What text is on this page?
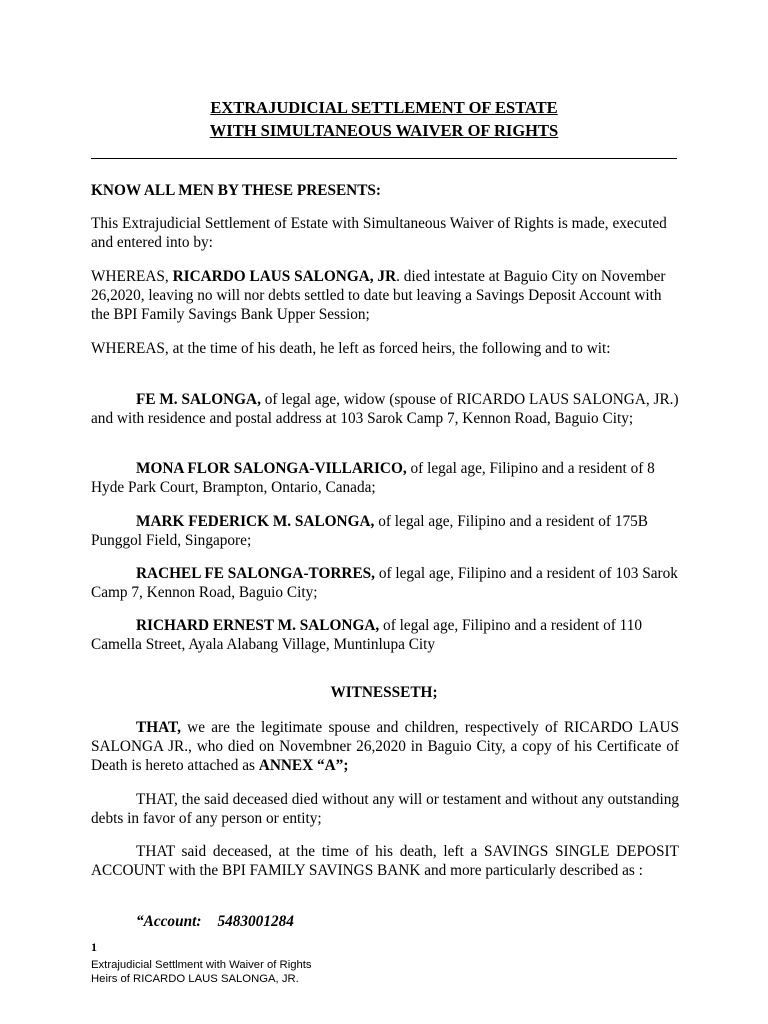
EXTRAJUDICIAL SETTLEMENT OF ESTATE
WITH SIMULTANEOUS WAIVER OF RIGHTS

KNOW ALL MEN BY THESE PRESENTS:

This Extrajudicial Settlement of Estate with Simultaneous Waiver of Rights is made, executed and entered into by:

WHEREAS, RICARDO LAUS SALONGA, JR. died intestate at Baguio City on November 26,2020, leaving no will nor debts settled to date but leaving a Savings Deposit Account with the BPI Family Savings Bank Upper Session;

WHEREAS, at the time of his death, he left as forced heirs, the following and to wit:

FE M. SALONGA, of legal age, widow (spouse of RICARDO LAUS SALONGA, JR.) and with residence and postal address at 103 Sarok Camp 7, Kennon Road, Baguio City;

MONA FLOR SALONGA-VILLARICO, of legal age, Filipino and a resident of 8 Hyde Park Court, Brampton, Ontario, Canada;

MARK FEDERICK M. SALONGA, of legal age, Filipino and a resident of 175B Punggol Field, Singapore;

RACHEL FE SALONGA-TORRES, of legal age, Filipino and a resident of 103 Sarok Camp 7, Kennon Road, Baguio City;

RICHARD ERNEST M. SALONGA, of legal age, Filipino and a resident of 110 Camella Street, Ayala Alabang Village, Muntinlupa City

WITNESSETH;

THAT, we are the legitimate spouse and children, respectively of RICARDO LAUS SALONGA JR., who died on Novembner 26,2020 in Baguio City, a copy of his Certificate of Death is hereto attached as ANNEX “A”;

THAT, the said deceased died without any will or testament and without any outstanding debts in favor of any person or entity;

THAT said deceased, at the time of his death, left a SAVINGS SINGLE DEPOSIT ACCOUNT with the BPI FAMILY SAVINGS BANK and more particularly described as :

“Account: 5483001284
1
Extrajudicial Settlment with Waiver of Rights
Heirs of RICARDO LAUS SALONGA, JR.
